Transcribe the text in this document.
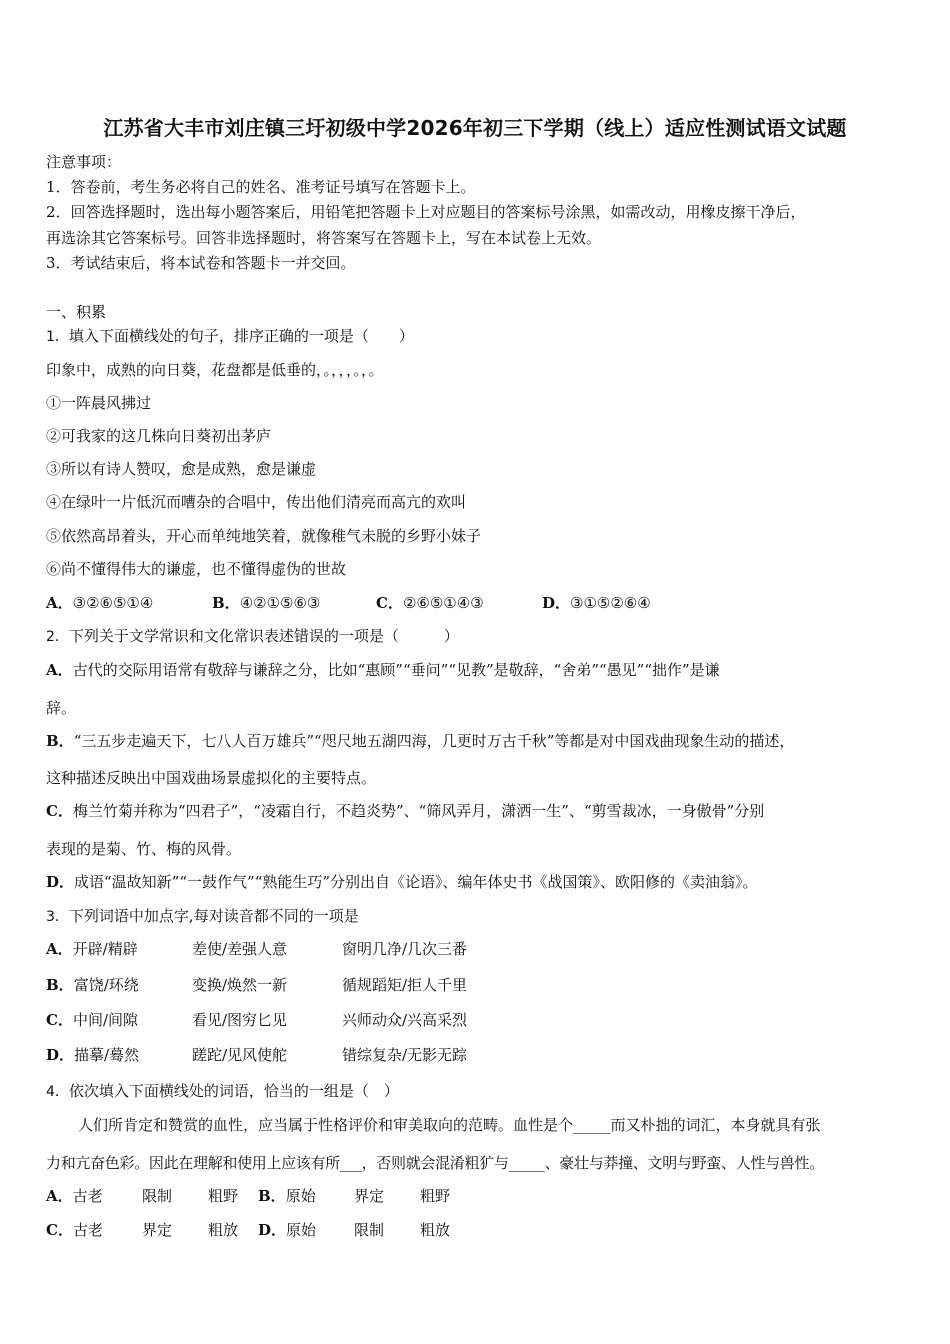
江苏省大丰市刘庄镇三圩初级中学2026年初三下学期（线上）适应性测试语文试题
注意事项：
1．答卷前，考生务必将自己的姓名、准考证号填写在答题卡上。
2．回答选择题时，选出每小题答案后，用铅笔把答题卡上对应题目的答案标号涂黑，如需改动，用橡皮擦干净后，
再选涂其它答案标号。回答非选择题时，将答案写在答题卡上，写在本试卷上无效。
3．考试结束后，将本试卷和答题卡一并交回。
一、积累
1．填入下面横线处的句子，排序正确的一项是（　　）
印象中，成熟的向日葵，花盘都是低垂的，。，，，。，。
①一阵晨风拂过
②可我家的这几株向日葵初出茅庐
③所以有诗人赞叹，愈是成熟，愈是谦虚
④在绿叶一片低沉而嘈杂的合唱中，传出他们清亮而高亢的欢叫
⑤依然高昂着头，开心而单纯地笑着，就像稚气未脱的乡野小妹子
⑥尚不懂得伟大的谦虚，也不懂得虚伪的世故
A．③②⑥⑤①④	B．④②①⑤⑥③	C．②⑥⑤①④③	D．③①⑤②⑥④
2．下列关于文学常识和文化常识表述错误的一项是（　　　）
A．古代的交际用语常有敬辞与谦辞之分，比如“惠顾”“垂问”“见教”是敬辞，“舍弟”“愚见”“拙作”是谦
辞。
B．“三五步走遍天下，七八人百万雄兵”“咫尺地五湖四海，几更时万古千秋”等都是对中国戏曲现象生动的描述，
这种描述反映出中国戏曲场景虚拟化的主要特点。
C．梅兰竹菊并称为“四君子”，“凌霜自行，不趋炎势”、“筛风弄月，潇洒一生”、“剪雪裁冰，一身傲骨”分别
表现的是菊、竹、梅的风骨。
D．成语“温故知新”“一鼓作气”“熟能生巧”分别出自《论语》、编年体史书《战国策》、欧阳修的《卖油翁》。
3．下列词语中加点字,每对读音都不同的一项是
A．开辟/精辟	差使/差强人意	窗明几净/几次三番
B．富饶/环绕	变换/焕然一新	循规蹈矩/拒人千里
C．中间/间隙	看见/图穷匕见	兴师动众/兴高采烈
D．描摹/蓦然	蹉跎/见风使舵	错综复杂/无影无踪
4．依次填入下面横线处的词语，恰当的一组是（　）
人们所肯定和赞赏的血性，应当属于性格评价和审美取向的范畴。血性是个_____而又朴拙的词汇，本身就具有张
力和亢奋色彩。因此在理解和使用上应该有所___，否则就会混淆粗犷与_____、豪壮与莽撞、文明与野蛮、人性与兽性。
A．古老	限制 粗野 B．原始	界定 粗野
C．古老	界定 粗放 D．原始	限制 粗放
